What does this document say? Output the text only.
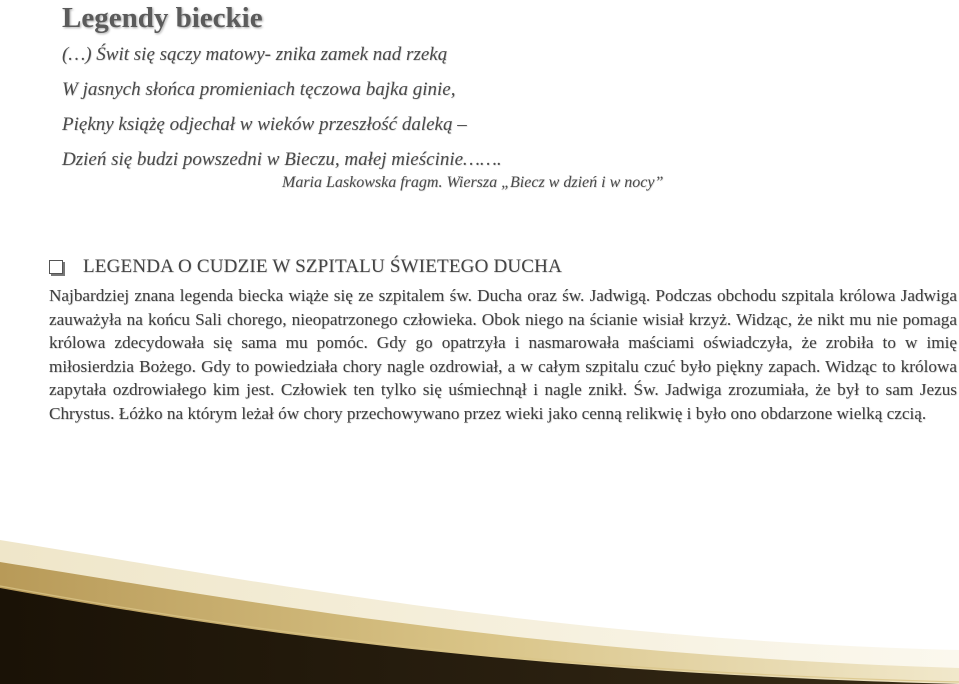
Legendy bieckie
(…) Świt się sączy matowy- znika zamek nad rzeką
W jasnych słońca promieniach tęczowa bajka ginie,
Piękny książę odjechał w wieków przeszłość daleką –
Dzień się budzi powszedni w Bieczu, małej mieścinie…….
Maria Laskowska fragm. Wiersza „Biecz w dzień i w nocy”
LEGENDA O CUDZIE W SZPITALU ŚWIETEGO DUCHA

Najbardziej znana legenda biecka wiąże się ze szpitalem św. Ducha oraz św. Jadwigą. Podczas obchodu szpitala królowa Jadwiga zauważyła na końcu Sali chorego, nieopatrzonego człowieka. Obok niego na ścianie wisiał krzyż. Widząc, że nikt mu nie pomaga królowa zdecydowała się sama mu pomóc. Gdy go opatrzyła i nasmarowała maściami oświadczyła, że zrobiła to w imię miłosierdzia Bożego. Gdy to powiedziała chory nagle ozdrowiał, a w całym szpitalu czuć było piękny zapach. Widząc to królowa zapytała ozdrowiałego kim jest. Człowiek ten tylko się uśmiechnął i nagle znikł. Św. Jadwiga zrozumiała, że był to sam Jezus Chrystus. Łóżko na którym leżał ów chory przechowywano przez wieki jako cenną relikwię i było ono obdarzone wielką czcią.
